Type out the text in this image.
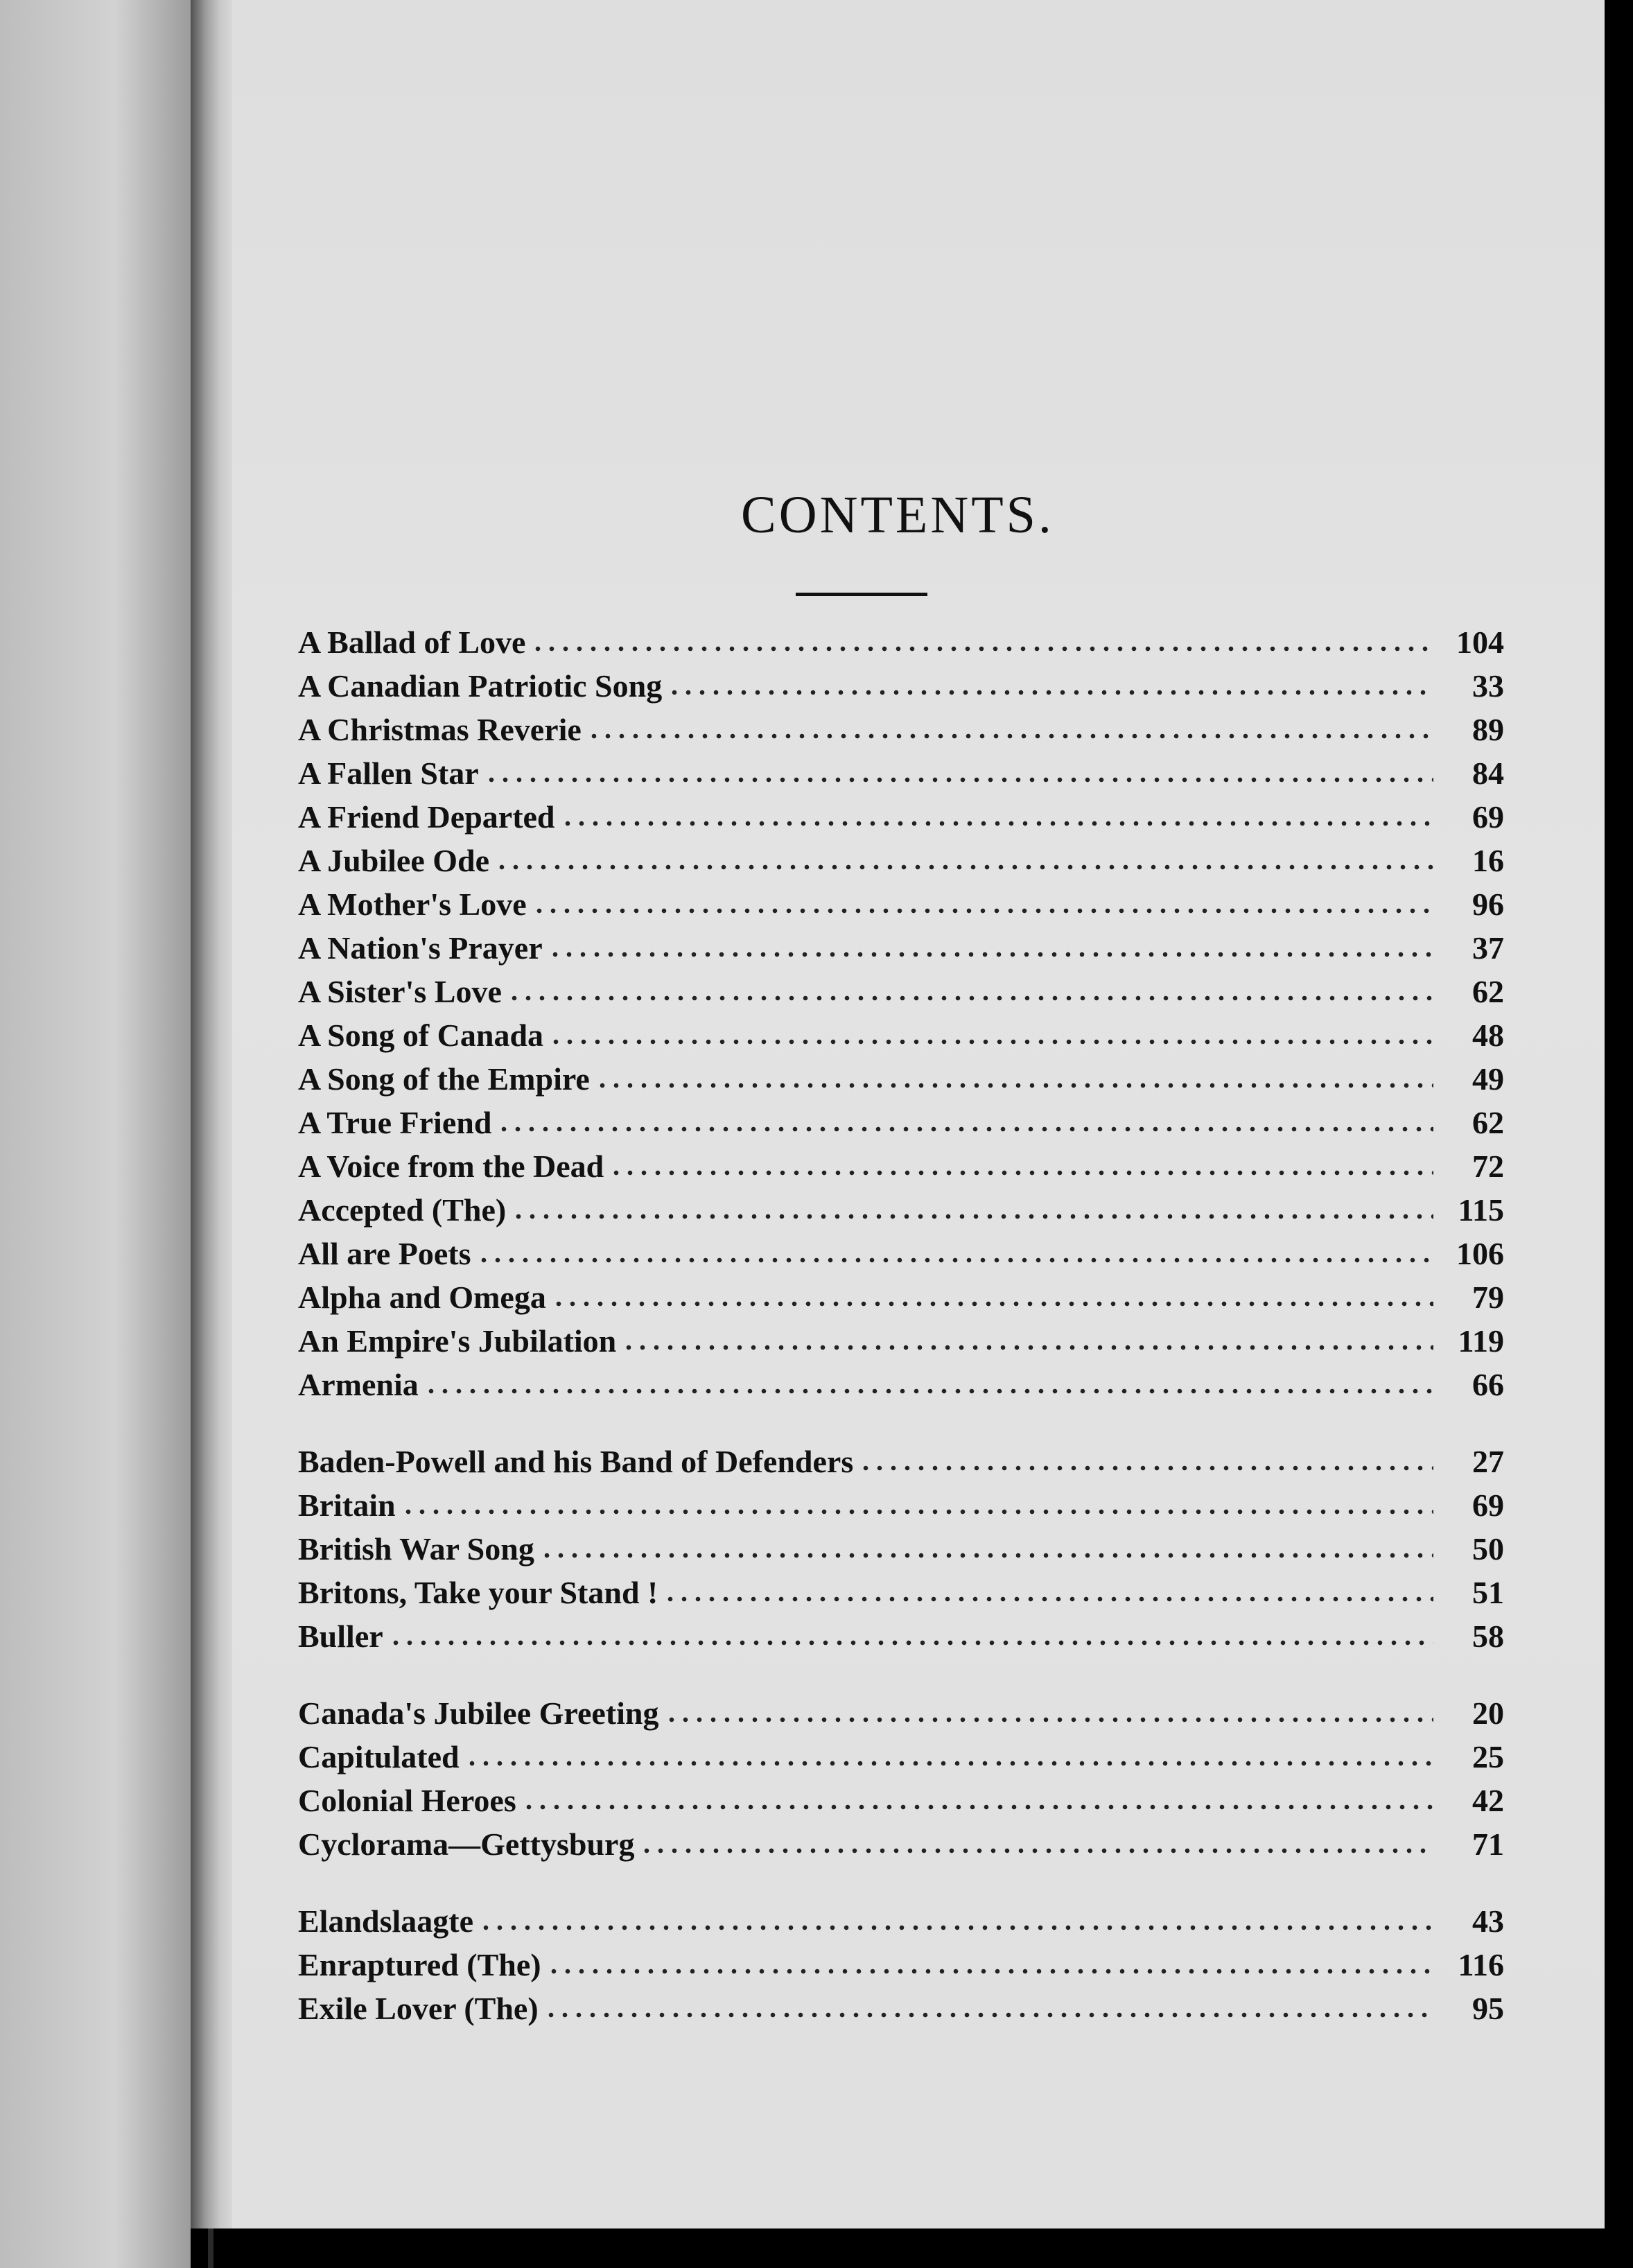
CONTENTS.
A Ballad of Love	104
A Canadian Patriotic Song	33
A Christmas Reverie	89
A Fallen Star	84
A Friend Departed	69
A Jubilee Ode	16
A Mother's Love	96
A Nation's Prayer	37
A Sister's Love	62
A Song of Canada	48
A Song of the Empire	49
A True Friend	62
A Voice from the Dead	72
Accepted (The)	115
All are Poets	106
Alpha and Omega	79
An Empire's Jubilation	119
Armenia	66
Baden-Powell and his Band of Defenders	27
Britain	69
British War Song	50
Britons, Take your Stand !	51
Buller	58
Canada's Jubilee Greeting	20
Capitulated	25
Colonial Heroes	42
Cyclorama—Gettysburg	71
Elandslaagte	43
Enraptured (The)	116
Exile Lover (The)	95
